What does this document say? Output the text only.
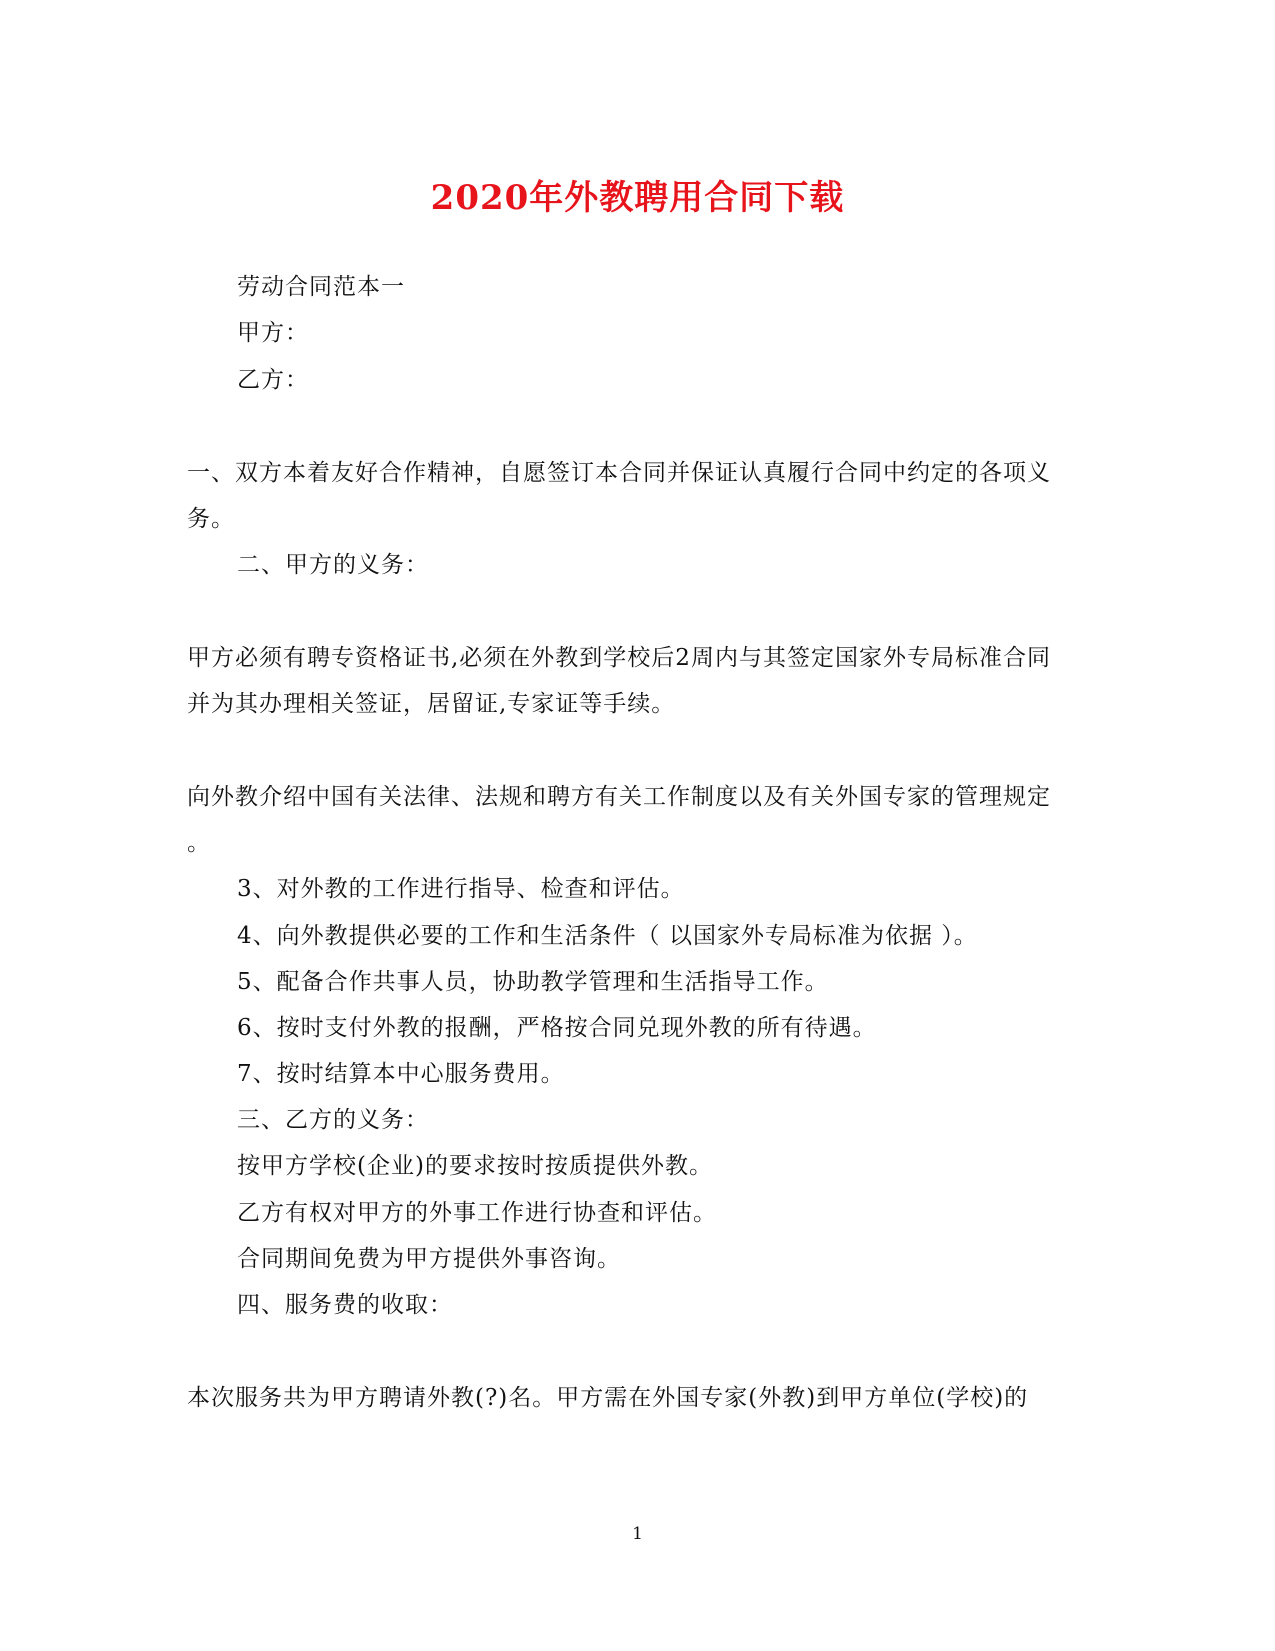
2020年外教聘用合同下载
劳动合同范本一
甲方：
乙方：
一、双方本着友好合作精神，自愿签订本合同并保证认真履行合同中约定的各项义
务。
二、甲方的义务：
甲方必须有聘专资格证书,必须在外教到学校后2周内与其签定国家外专局标准合同
并为其办理相关签证，居留证,专家证等手续。
向外教介绍中国有关法律、法规和聘方有关工作制度以及有关外国专家的管理规定
。
3、对外教的工作进行指导、检查和评估。
4、向外教提供必要的工作和生活条件（ 以国家外专局标准为依据 ）。
5、配备合作共事人员，协助教学管理和生活指导工作。
6、按时支付外教的报酬，严格按合同兑现外教的所有待遇。
7、按时结算本中心服务费用。
三、乙方的义务：
按甲方学校(企业)的要求按时按质提供外教。
乙方有权对甲方的外事工作进行协查和评估。
合同期间免费为甲方提供外事咨询。
四、服务费的收取：
本次服务共为甲方聘请外教(?)名。甲方需在外国专家(外教)到甲方单位(学校)的
1
